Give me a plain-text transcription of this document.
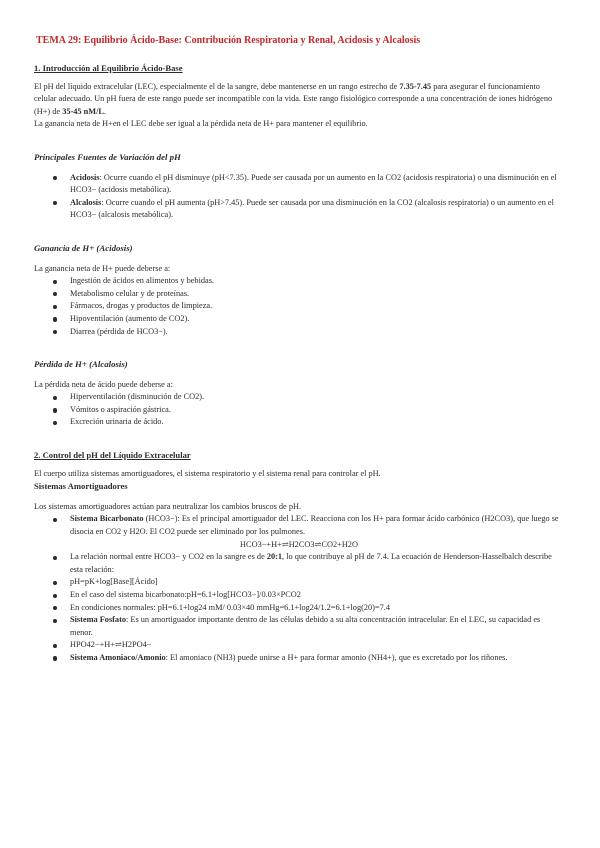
TEMA 29: Equilibrio Ácido-Base: Contribución Respiratoria y Renal, Acidosis y Alcalosis
1. Introducción al Equilibrio Ácido-Base

El pH del líquido extracelular (LEC), especialmente el de la sangre, debe mantenerse en un rango estrecho de 7.35-7.45 para asegurar el funcionamiento celular adecuado. Un pH fuera de este rango puede ser incompatible con la vida. Este rango fisiológico corresponde a una concentración de iones hidrógeno (H+) de 35-45 nM/L.

La ganancia neta de H+en el LEC debe ser igual a la pérdida neta de H+ para mantener el equilibrio.

Principales Fuentes de Variación del pH
Acidosis: Ocurre cuando el pH disminuye (pH<7.35). Puede ser causada por un aumento en la CO2 (acidosis respiratoria) o una disminución en el HCO3− (acidosis metabólica).
Alcalosis: Ocurre cuando el pH aumenta (pH>7.45). Puede ser causada por una disminución en la CO2 (alcalosis respiratoria) o un aumento en el HCO3− (alcalosis metabólica).
Ganancia de H+ (Acidosis)

La ganancia neta de H+ puede deberse a:

Ingestión de ácidos en alimentos y bebidas.
Metabolismo celular y de proteínas.
Fármacos, drogas y productos de limpieza.
Hipoventilación (aumento de CO2).
Diarrea (pérdida de HCO3−).
Pérdida de H+ (Alcalosis)

La pérdida neta de ácido puede deberse a:

Hiperventilación (disminución de CO2).
Vómitos o aspiración gástrica.
Excreción urinaria de ácido.
2. Control del pH del Líquido Extracelular

El cuerpo utiliza sistemas amortiguadores, el sistema respiratorio y el sistema renal para controlar el pH.

Sistemas Amortiguadores

Los sistemas amortiguadores actúan para neutralizar los cambios bruscos de pH.

Sistema Bicarbonato (HCO3−): Es el principal amortiguador del LEC. Reacciona con los H+ para formar ácido carbónico (H2CO3), que luego se disocia en CO2 y H2O. El CO2 puede ser eliminado por los pulmones.
HCO3−+H+⇌H2CO3⇌CO2+H2O
La relación normal entre HCO3− y CO2 en la sangre es de 20:1, lo que contribuye al pH de 7.4. La ecuación de Henderson-Hasselbalch describe esta relación:
pH=pK+log[Base][Ácido]
En el caso del sistema bicarbonato:pH=6.1+log[HCO3−]/0.03×PCO2
En condiciones normales: pH=6.1+log24 mM/ 0.03×40 mmHg=6.1+log24/1.2=6.1+log(20)=7.4
Sistema Fosfato: Es un amortiguador importante dentro de las células debido a su alta concentración intracelular. En el LEC, su capacidad es menor.
HPO42−+H+⇌H2PO4−
Sistema Amoniaco/Amonio: El amoniaco (NH3) puede unirse a H+ para formar amonio (NH4+), que es excretado por los riñones.
